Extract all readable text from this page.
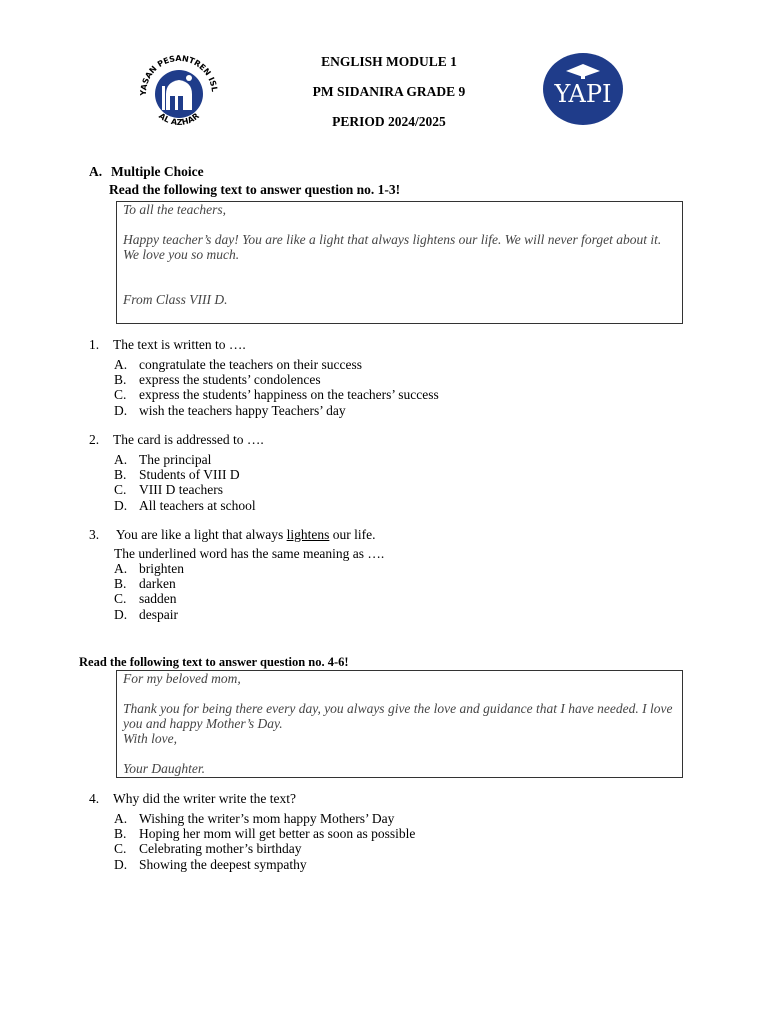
YASAN PESANTREN ISL
AL AZHAR
ENGLISH MODULE 1
PM SIDANIRA GRADE 9
PERIOD 2024/2025
YAPI
A. Multiple Choice
Read the following text to answer question no. 1-3!

To all the teachers,

Happy teacher’s day! You are like a light that always lightens our life. We will never forget about it. We love you so much.

From Class VIII D.

1. The text is written to ….
A. congratulate the teachers on their success
B. express the students’ condolences
C. express the students’ happiness on the teachers’ success
D. wish the teachers happy Teachers’ day
2. The card is addressed to ….
A. The principal
B. Students of VIII D
C. VIII D teachers
D. All teachers at school
3. You are like a light that always lightens our life.
The underlined word has the same meaning as ….
A. brighten
B. darken
C. sadden
D. despair
Read the following text to answer question no. 4-6!

For my beloved mom,

Thank you for being there every day, you always give the love and guidance that I have needed. I love you and happy Mother’s Day.

With love,

Your Daughter.

4. Why did the writer write the text?
A. Wishing the writer’s mom happy Mothers’ Day
B. Hoping her mom will get better as soon as possible
C. Celebrating mother’s birthday
D. Showing the deepest sympathy
